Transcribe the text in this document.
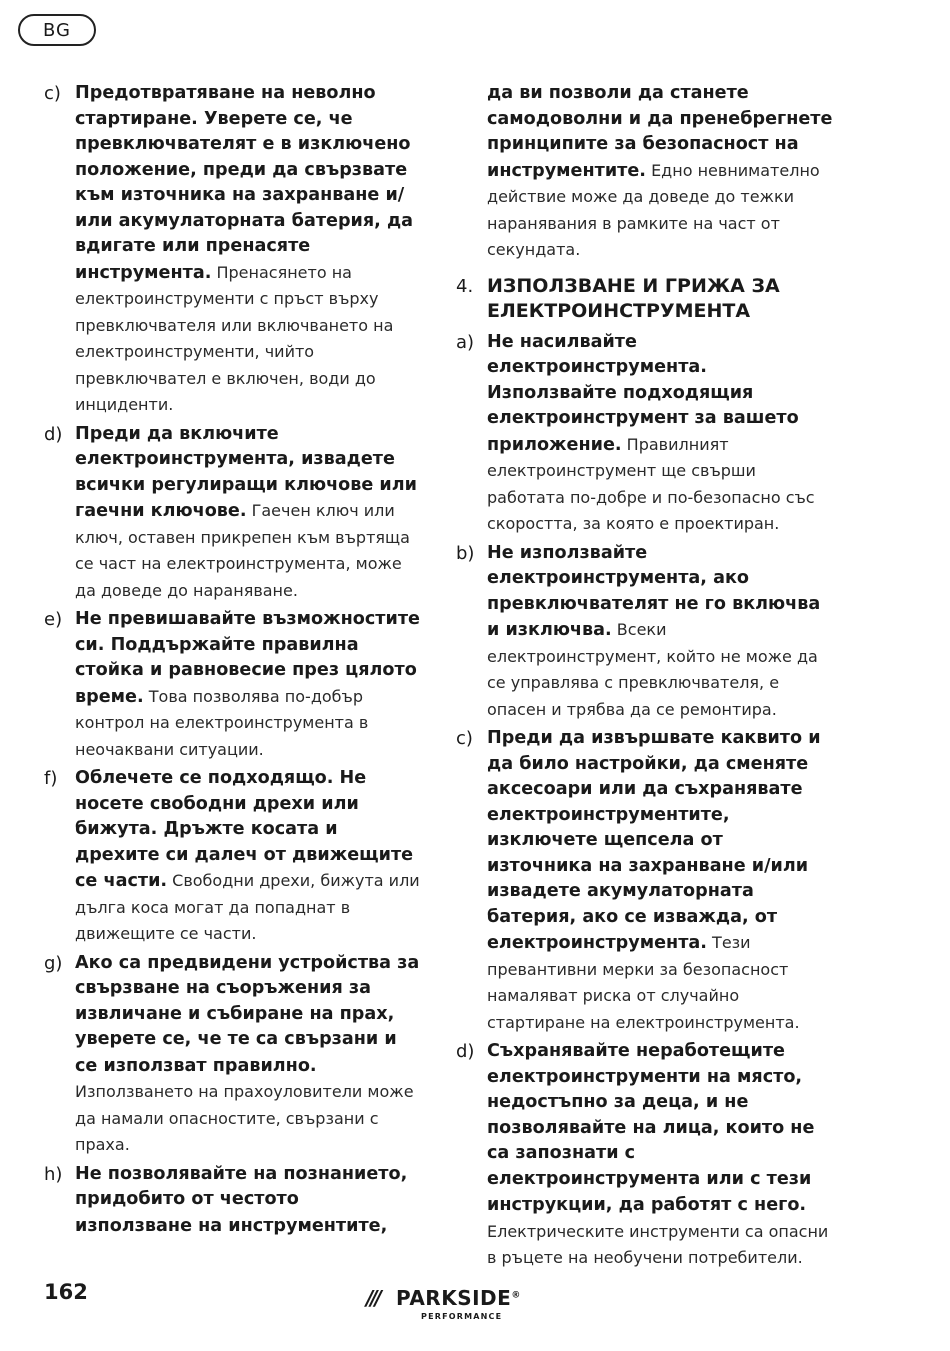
BG
c) Предотвратяване на неволно стартиране. Уверете се, че превключвателят е в изключено положение, преди да свързвате към източника на захранване и/или акумулаторната батерия, да вдигате или пренасяте инструмента. Пренасянето на електроинструменти с пръст върху превключвателя или включването на електроинструменти, чийто превключвател е включен, води до инциденти.

d) Преди да включите електроинструмента, извадете всички регулиращи ключове или гаечни ключове. Гаечен ключ или ключ, оставен прикрепен към въртяща се част на електроинструмента, може да доведе до нараняване.

e) Не превишавайте възможностите си. Поддържайте правилна стойка и равновесие през цялото време. Това позволява по-добър контрол на електроинструмента в неочаквани ситуации.

f)	Облечете се подходящо. Не носете свободни дрехи или бижута. Дръжте косата и дрехите си далеч от движещите се части. Свободни дрехи, бижута или дълга коса могат да попаднат в движещите се части.

g) Ако са предвидени устройства за свързване на съоръжения за извличане и събиране на прах, уверете се, че те са свързани и се използват правилно. Използването на прахоуловители може да намали опасностите, свързани с праха.

h) Не позволявайте на познанието, придобито от честото използване на инструментите,

да ви позволи да станете самодоволни и да пренебрегнете принципите за безопасност на инструментите. Едно невнимателно действие може да доведе до тежки наранявания в рамките на част от секундата.

4. ИЗПОЛЗВАНЕ И ГРИЖА ЗА ЕЛЕКТРОИНСТРУМЕНТА

a) Не насилвайте електроинструмента. Използвайте подходящия електроинструмент за вашето приложение. Правилният електроинструмент ще свърши работата по-добре и по-безопасно със скоростта, за която е проектиран.

b) Не използвайте електроинструмента, ако превключвателят не го включва и изключва. Всеки електроинструмент, който не може да се управлява с превключвателя, е опасен и трябва да се ремонтира.

c) Преди да извършвате каквито и да било настройки, да сменяте аксесоари или да съхранявате електроинструментите, изключете щепсела от източника на захранване и/или извадете акумулаторната батерия, ако се изважда, от електроинструмента. Тези превантивни мерки за безопасност намаляват риска от случайно стартиране на електроинструмента.

d) Съхранявайте неработещите електроинструменти на място, недостъпно за деца, и не позволявайте на лица, които не са запознати с електроинструмента или с тези инструкции, да работят с него. Електрическите инструменти са опасни в ръцете на необучени потребители.

162	/// PARKSIDE®
PERFORMANCE
